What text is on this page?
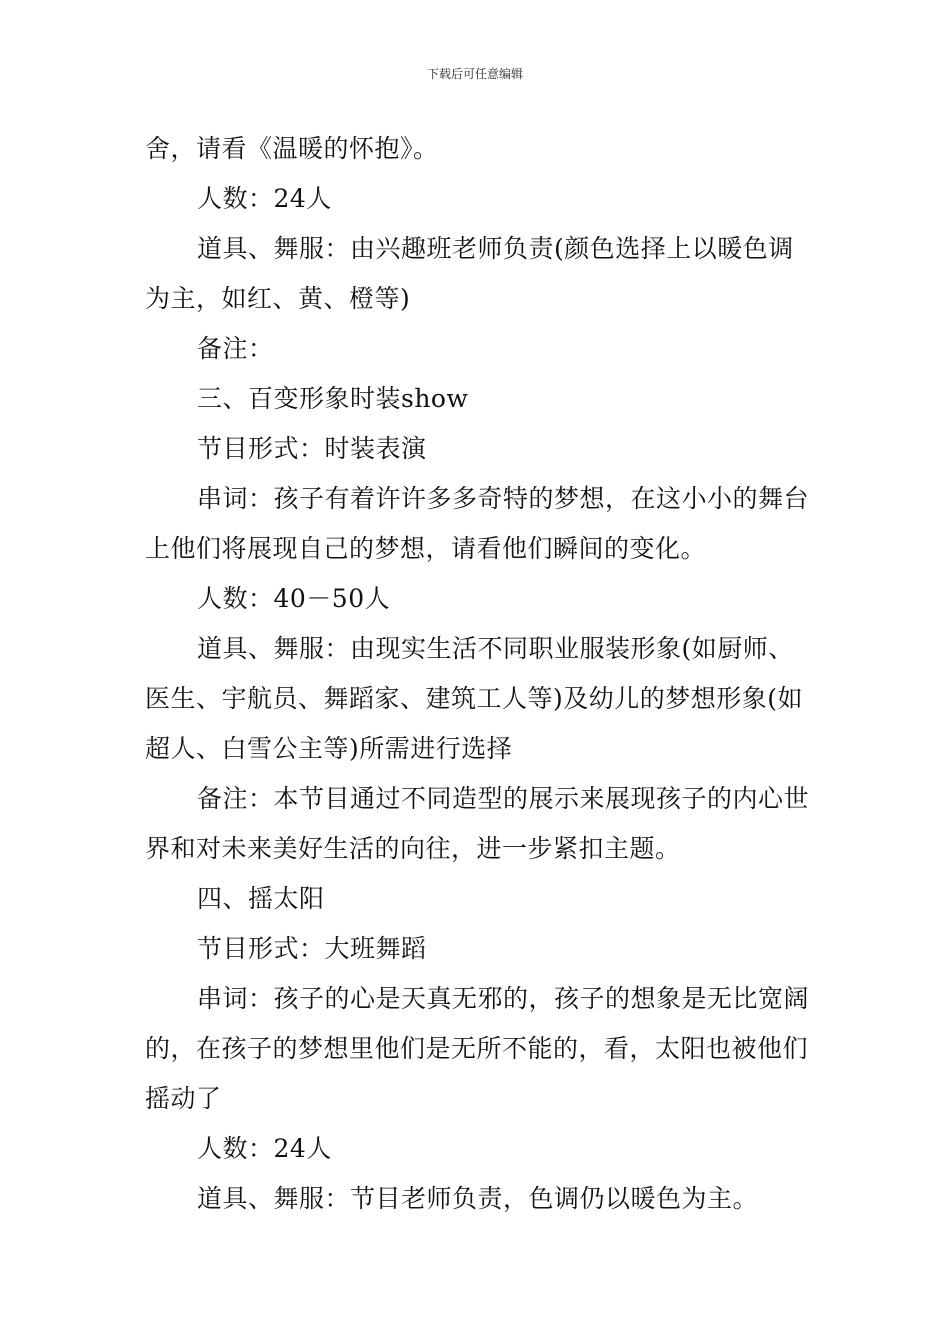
下载后可任意编辑

舍，请看《温暖的怀抱》。

人数：24人

道具、舞服：由兴趣班老师负责(颜色选择上以暖色调为主，如红、黄、橙等)

备注：

三、百变形象时装show

节目形式：时装表演

串词：孩子有着许许多多奇特的梦想，在这小小的舞台上他们将展现自己的梦想，请看他们瞬间的变化。

人数：40－50人

道具、舞服：由现实生活不同职业服装形象(如厨师、医生、宇航员、舞蹈家、建筑工人等)及幼儿的梦想形象(如超人、白雪公主等)所需进行选择

备注：本节目通过不同造型的展示来展现孩子的内心世界和对未来美好生活的向往，进一步紧扣主题。

四、摇太阳

节目形式：大班舞蹈

串词：孩子的心是天真无邪的，孩子的想象是无比宽阔的，在孩子的梦想里他们是无所不能的，看，太阳也被他们摇动了

人数：24人

道具、舞服：节目老师负责，色调仍以暖色为主。
